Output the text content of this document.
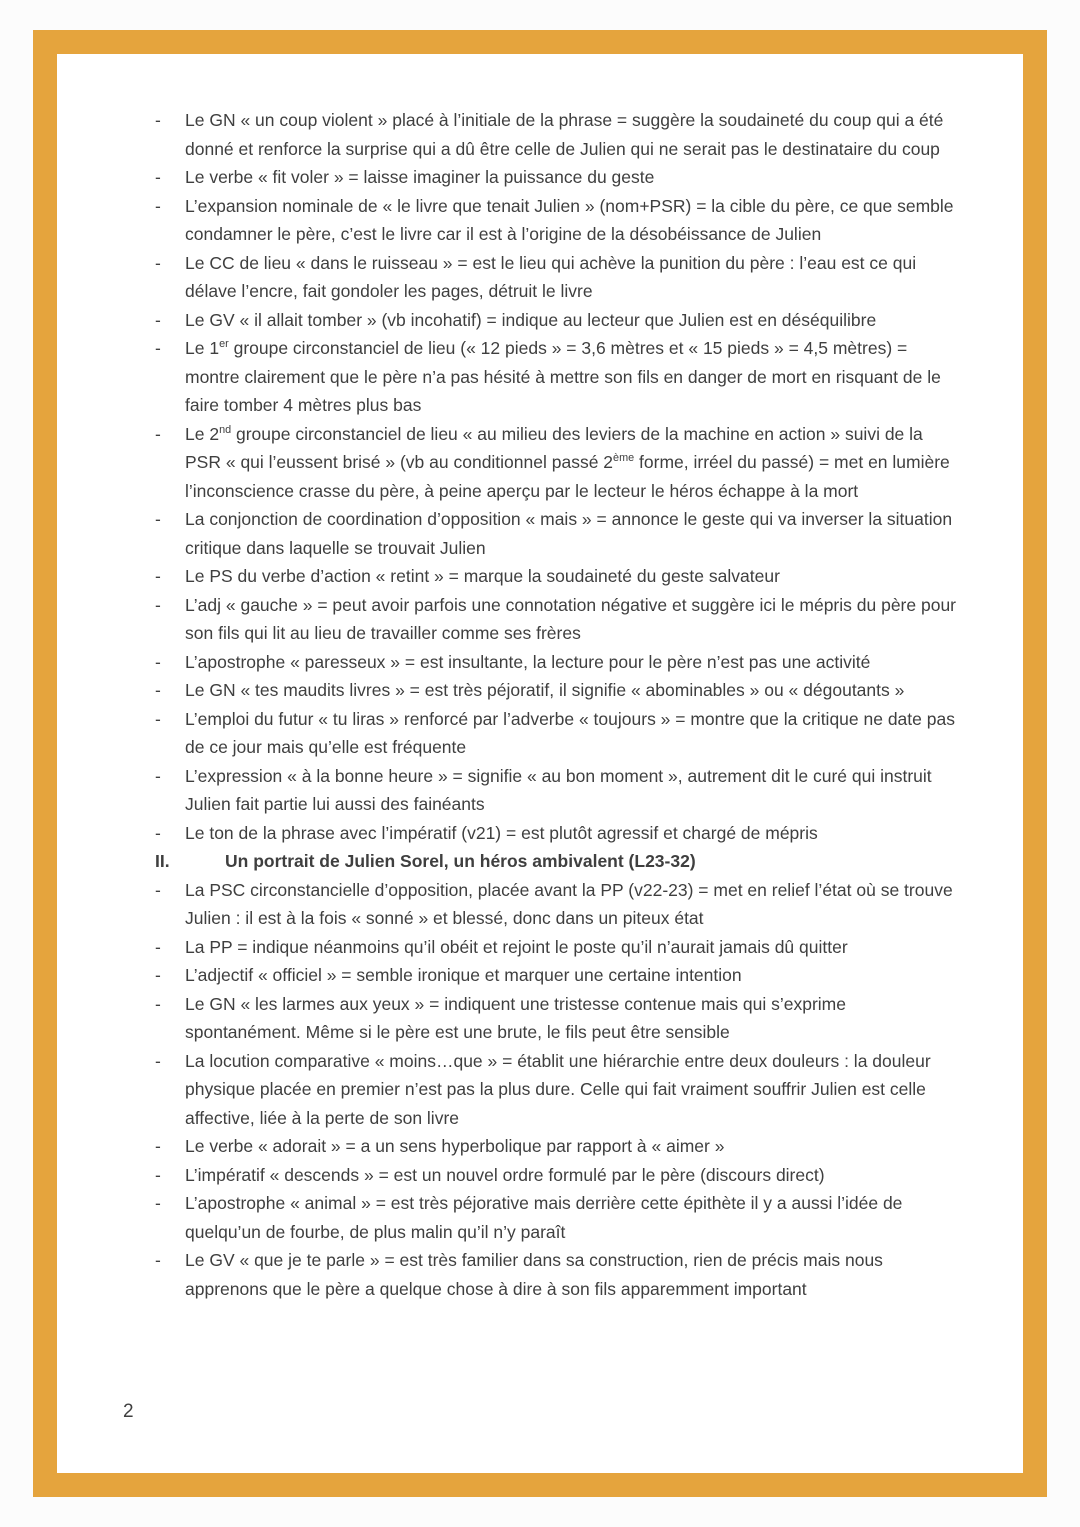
-	Le GN « un coup violent » placé à l’initiale de la phrase = suggère la soudaineté du coup qui a été donné et renforce la surprise qui a dû être celle de Julien qui ne serait pas le destinataire du coup
-	Le verbe « fit voler » = laisse imaginer la puissance du geste
-	L’expansion nominale de « le livre que tenait Julien » (nom+PSR) = la cible du père, ce que semble condamner le père, c’est le livre car il est à l’origine de la désobéissance de Julien
-	Le CC de lieu « dans le ruisseau » = est le lieu qui achève la punition du père : l’eau est ce qui délave l’encre, fait gondoler les pages, détruit le livre
-	Le GV « il allait tomber » (vb incohatif) = indique au lecteur que Julien est en déséquilibre
-	Le 1er groupe circonstanciel de lieu (« 12 pieds » = 3,6 mètres et « 15 pieds » = 4,5 mètres) = montre clairement que le père n’a pas hésité à mettre son fils en danger de mort en risquant de le faire tomber 4 mètres plus bas
-	Le 2nd groupe circonstanciel de lieu « au milieu des leviers de la machine en action » suivi de la PSR « qui l’eussent brisé » (vb au conditionnel passé 2ème forme, irréel du passé) = met en lumière l’inconscience crasse du père, à peine aperçu par le lecteur le héros échappe à la mort
-	La conjonction de coordination d’opposition « mais » = annonce le geste qui va inverser la situation critique dans laquelle se trouvait Julien
-	Le PS du verbe d’action « retint » = marque la soudaineté du geste salvateur
-	L’adj « gauche » = peut avoir parfois une connotation négative et suggère ici le mépris du père pour son fils qui lit au lieu de travailler comme ses frères
-	L’apostrophe « paresseux » = est insultante, la lecture pour le père n’est pas une activité
-	Le GN « tes maudits livres » = est très péjoratif, il signifie « abominables » ou « dégoutants »
-	L’emploi du futur « tu liras » renforcé par l’adverbe « toujours » = montre que la critique ne date pas de ce jour mais qu’elle est fréquente
-	L’expression « à la bonne heure » = signifie « au bon moment », autrement dit le curé qui instruit Julien fait partie lui aussi des fainéants
-	Le ton de la phrase avec l’impératif (v21) = est plutôt agressif et chargé de mépris
II.	Un portrait de Julien Sorel, un héros ambivalent (L23-32)
-	La PSC circonstancielle d’opposition, placée avant la PP (v22-23) = met en relief l’état où se trouve Julien : il est à la fois « sonné » et blessé, donc dans un piteux état
-	La PP = indique néanmoins qu’il obéit et rejoint le poste qu’il n’aurait jamais dû quitter
-	L’adjectif « officiel » = semble ironique et marquer une certaine intention
-	Le GN « les larmes aux yeux » = indiquent une tristesse contenue mais qui s’exprime spontanément. Même si le père est une brute, le fils peut être sensible
-	La locution comparative « moins…que » = établit une hiérarchie entre deux douleurs : la douleur physique placée en premier n’est pas la plus dure. Celle qui fait vraiment souffrir Julien est celle affective, liée à la perte de son livre
-	Le verbe « adorait » = a un sens hyperbolique par rapport à « aimer »
-	L’impératif « descends » = est un nouvel ordre formulé par le père (discours direct)
-	L’apostrophe « animal » = est très péjorative mais derrière cette épithète il y a aussi l’idée de quelqu’un de fourbe, de plus malin qu’il n’y paraît
-	Le GV « que je te parle » = est très familier dans sa construction, rien de précis mais nous apprenons que le père a quelque chose à dire à son fils apparemment important
2
